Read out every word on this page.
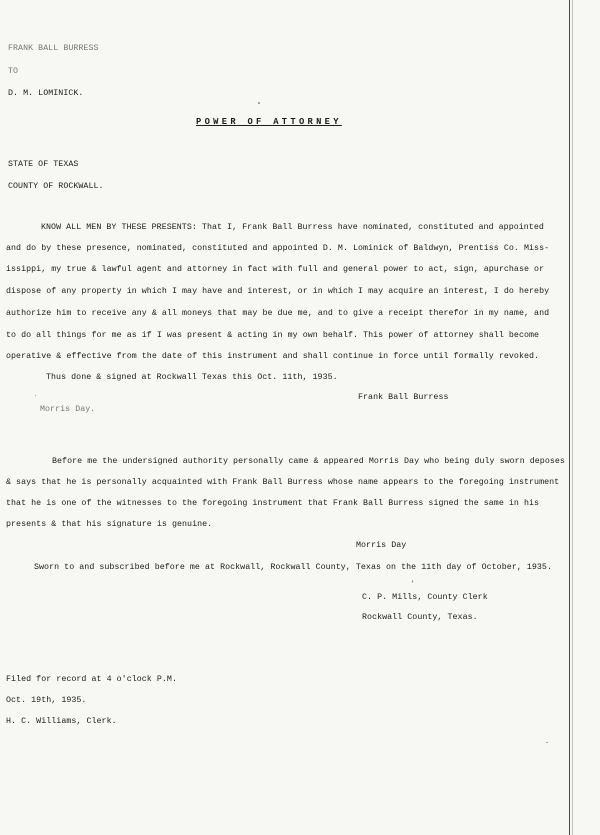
FRANK BALL BURRESS
TO
D. M. LOMINICK.
POWER OF ATTORNEY
STATE OF TEXAS
COUNTY OF ROCKWALL.
KNOW ALL MEN BY THESE PRESENTS: That I, Frank Ball Burress have nominated, constituted and appointed
and do by these presence, nominated, constituted and appointed D. M. Lominick of Baldwyn, Prentiss Co. Miss-
issippi, my true & lawful agent and attorney in fact with full and general power to act, sign, apurchase or
dispose of any property in which I may have and interest, or in which I may acquire an interest, I do hereby
authorize him to receive any & all moneys that may be due me, and to give a receipt therefor in my name, and
to do all things for me as if I was present & acting in my own behalf. This power of attorney shall become
operative & effective from the date of this instrument and shall continue in force until formally revoked.
Thus done & signed at Rockwall Texas this Oct. 11th, 1935.
Frank Ball Burress
Morris Day.
Before me the undersigned authority personally came & appeared Morris Day who being duly sworn deposes
& says that he is personally acquainted with Frank Ball Burress whose name appears to the foregoing instrument
that he is one of the witnesses to the foregoing instrument that Frank Ball Burress signed the same in his
presents & that his signature is genuine.
Morris Day
Sworn to and subscribed before me at Rockwall, Rockwall County, Texas on the 11th day of October, 1935.
C. P. Mills, County Clerk
Rockwall County, Texas.
Filed for record at 4 o'clock P.M.
Oct. 19th, 1935.
H. C. Williams, Clerk.
